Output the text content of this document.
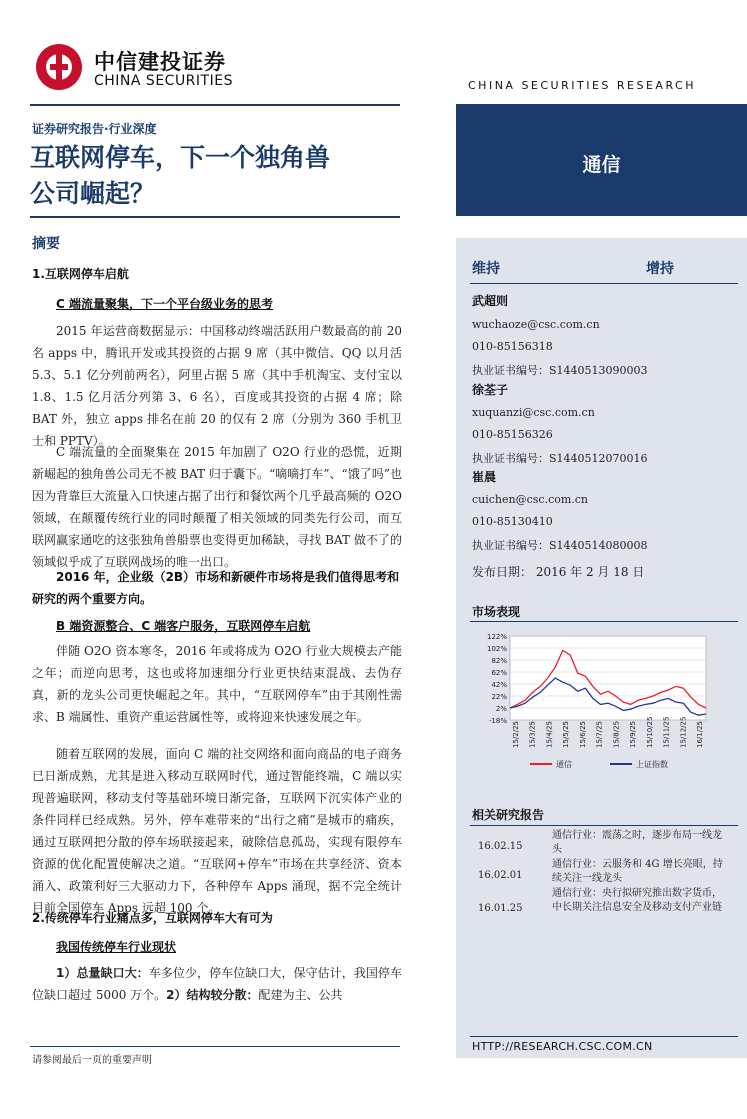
中信建投证券
CHINA SECURITIES	CHINA SECURITIES RESEARCH
证券研究报告·行业深度
互联网停车，下一个独角兽
公司崛起？
摘要
1.互联网停车启航
C 端流量聚集，下一个平台级业务的思考
2015 年运营商数据显示：中国移动终端活跃用户数最高的前 20 名 apps 中，腾讯开发或其投资的占据 9 席（其中微信、QQ 以月活 5.3、5.1 亿分列前两名），阿里占据 5 席（其中手机淘宝、支付宝以 1.8、1.5 亿月活分列第 3、6 名），百度或其投资的占据 4 席；除 BAT 外，独立 apps 排名在前 20 的仅有 2 席（分别为 360 手机卫士和 PPTV）。
C 端流量的全面聚集在 2015 年加剧了 O2O 行业的恐慌，近期新崛起的独角兽公司无不被 BAT 归于囊下。“嘀嘀打车”、“饿了吗”也因为背靠巨大流量入口快速占据了出行和餐饮两个几乎最高频的 O2O 领域，在颠覆传统行业的同时颠覆了相关领域的同类先行公司，而互联网赢家通吃的这张独角兽船票也变得更加稀缺，寻找 BAT 做不了的领域似乎成了互联网战场的唯一出口。
2016 年，企业级（2B）市场和新硬件市场将是我们值得思考和研究的两个重要方向。
B 端资源整合、C 端客户服务，互联网停车启航
伴随 O2O 资本寒冬，2016 年或将成为 O2O 行业大规模去产能之年；而逆向思考，这也或将加速细分行业更快结束混战、去伪存真，新的龙头公司更快崛起之年。其中，“互联网停车”由于其刚性需求、B 端属性、重资产重运营属性等，或将迎来快速发展之年。
随着互联网的发展，面向 C 端的社交网络和面向商品的电子商务已日渐成熟，尤其是进入移动互联网时代，通过智能终端，C 端以实现普遍联网，移动支付等基础环境日渐完备，互联网下沉实体产业的条件同样已经成熟。另外，停车难带来的“出行之痛”是城市的痛疾，通过互联网把分散的停车场联接起来，破除信息孤岛，实现有限停车资源的优化配置使解决之道。“互联网+停车”市场在共享经济、资本涌入、政策利好三大驱动力下，各种停车 Apps 涌现，据不完全统计目前全国停车 Apps 远超 100 个。
2.传统停车行业痛点多，互联网停车大有可为
我国传统停车行业现状
1）总量缺口大：车多位少，停车位缺口大，保守估计，我国停车位缺口超过 5000 万个。2）结构较分散：配建为主、公共
请参阅最后一页的重要声明
通信
维持	增持
武超则
wuchaoze@csc.com.cn
010-85156318
执业证书编号：S1440513090003
徐荃子
xuquanzi@csc.com.cn
010-85156326
执业证书编号：S1440512070016
崔晨
cuichen@csc.com.cn
010-85130410
执业证书编号：S1440514080008
发布日期： 2016 年 2 月 18 日
市场表现
122%
102%
82%
62%
42%
22%
2%
-18% 15/2/25 15/3/25 15/4/25 15/5/25 15/6/25 15/7/25 15/8/25 15/9/25 15/10/25 15/11/25 15/12/25 16/1/25
通信	上证指数
相关研究报告
16.02.15
通信行业：震荡之时，逐步布局一线龙头
16.02.01
通信行业：云服务和 4G 增长亮眼，持续关注一线龙头
16.01.25
通信行业：央行拟研究推出数字货币，中长期关注信息安全及移动支付产业链
HTTP://RESEARCH.CSC.COM.CN
